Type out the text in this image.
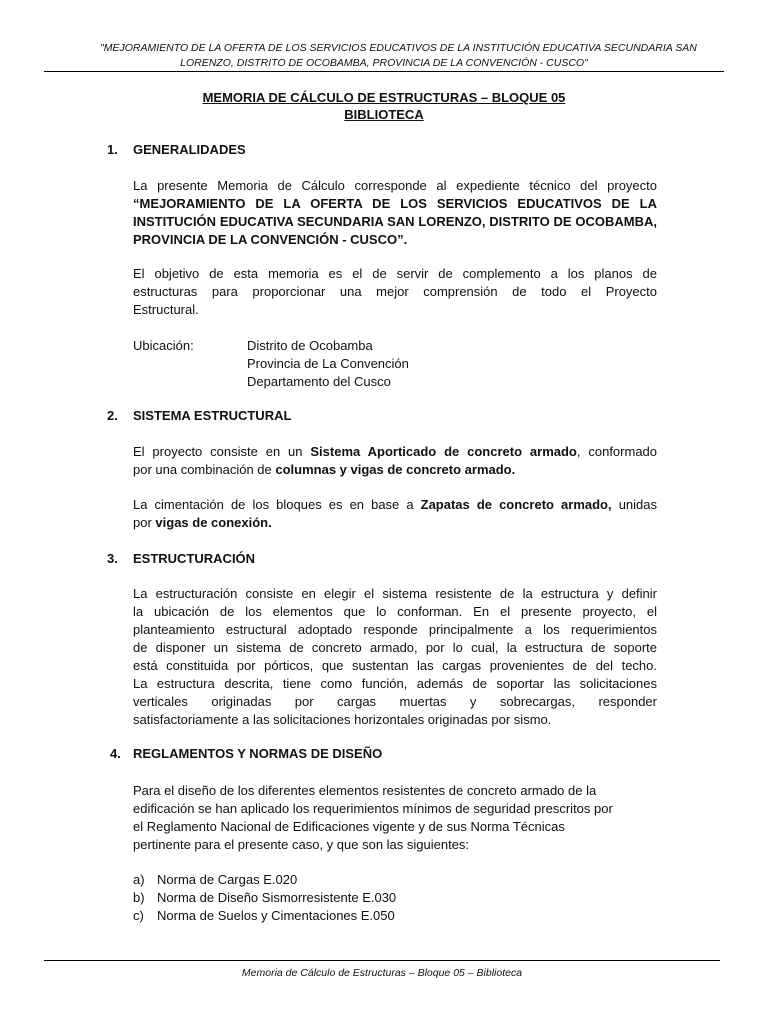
"MEJORAMIENTO DE LA OFERTA DE LOS SERVICIOS EDUCATIVOS DE LA INSTITUCIÓN EDUCATIVA SECUNDARIA SAN
LORENZO, DISTRITO DE OCOBAMBA, PROVINCIA DE LA CONVENCIÓN - CUSCO"
MEMORIA DE CÁLCULO DE ESTRUCTURAS – BLOQUE 05
BIBLIOTECA
1. GENERALIDADES
La presente Memoria de Cálculo corresponde al expediente técnico del proyecto
“MEJORAMIENTO DE LA OFERTA DE LOS SERVICIOS EDUCATIVOS DE LA
INSTITUCIÓN EDUCATIVA SECUNDARIA SAN LORENZO, DISTRITO DE OCOBAMBA,
PROVINCIA DE LA CONVENCIÓN - CUSCO”.
El objetivo de esta memoria es el de servir de complemento a los planos de
estructuras para proporcionar una mejor comprensión de todo el Proyecto
Estructural.
Ubicación:	Distrito de Ocobamba
Provincia de La Convención
Departamento del Cusco
2. SISTEMA ESTRUCTURAL
El proyecto consiste en un Sistema Aporticado de concreto armado, conformado
por una combinación de columnas y vigas de concreto armado.
La cimentación de los bloques es en base a Zapatas de concreto armado, unidas
por vigas de conexión.
3. ESTRUCTURACIÓN
La estructuración consiste en elegir el sistema resistente de la estructura y definir
la ubicación de los elementos que lo conforman. En el presente proyecto, el
planteamiento estructural adoptado responde principalmente a los requerimientos
de disponer un sistema de concreto armado, por lo cual, la estructura de soporte
está constituida por pórticos, que sustentan las cargas provenientes de del techo.
La estructura descrita, tiene como función, además de soportar las solicitaciones
verticales originadas por cargas muertas y sobrecargas, responder
satisfactoriamente a las solicitaciones horizontales originadas por sismo.
4. REGLAMENTOS Y NORMAS DE DISEÑO
Para el diseño de los diferentes elementos resistentes de concreto armado de la
edificación se han aplicado los requerimientos mínimos de seguridad prescritos por
el Reglamento Nacional de Edificaciones vigente y de sus Norma Técnicas
pertinente para el presente caso, y que son las siguientes:
a) Norma de Cargas E.020
b) Norma de Diseño Sismorresistente E.030
c) Norma de Suelos y Cimentaciones E.050
Memoria de Cálculo de Estructuras – Bloque 05 – Biblioteca
